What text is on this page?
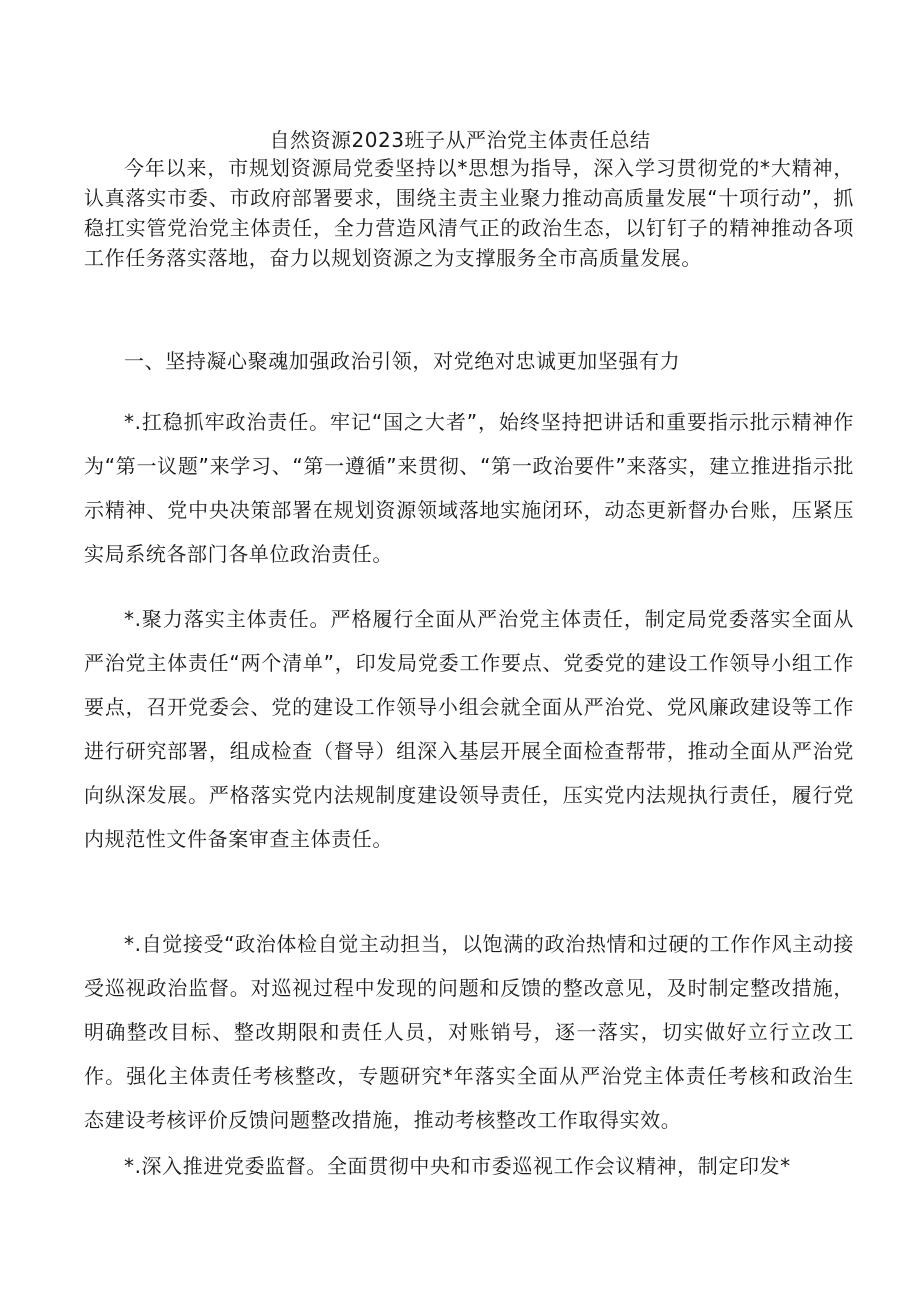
自然资源2023班子从严治党主体责任总结

今年以来，市规划资源局党委坚持以*思想为指导，深入学习贯彻党的*大精神，认真落实市委、市政府部署要求，围绕主责主业聚力推动高质量发展“十项行动”，抓稳扛实管党治党主体责任，全力营造风清气正的政治生态，以钉钉子的精神推动各项工作任务落实落地，奋力以规划资源之为支撑服务全市高质量发展。

一、坚持凝心聚魂加强政治引领，对党绝对忠诚更加坚强有力

*.扛稳抓牢政治责任。牢记“国之大者”，始终坚持把讲话和重要指示批示精神作为“第一议题”来学习、“第一遵循”来贯彻、“第一政治要件”来落实，建立推进指示批示精神、党中央决策部署在规划资源领域落地实施闭环，动态更新督办台账，压紧压实局系统各部门各单位政治责任。

*.聚力落实主体责任。严格履行全面从严治党主体责任，制定局党委落实全面从严治党主体责任“两个清单”，印发局党委工作要点、党委党的建设工作领导小组工作要点，召开党委会、党的建设工作领导小组会就全面从严治党、党风廉政建设等工作进行研究部署，组成检查（督导）组深入基层开展全面检查帮带，推动全面从严治党向纵深发展。严格落实党内法规制度建设领导责任，压实党内法规执行责任，履行党内规范性文件备案审查主体责任。

*.自觉接受“政治体检自觉主动担当，以饱满的政治热情和过硬的工作作风主动接受巡视政治监督。对巡视过程中发现的问题和反馈的整改意见，及时制定整改措施，明确整改目标、整改期限和责任人员，对账销号，逐一落实，切实做好立行立改工作。强化主体责任考核整改，专题研究*年落实全面从严治党主体责任考核和政治生态建设考核评价反馈问题整改措施，推动考核整改工作取得实效。

*.深入推进党委监督。全面贯彻中央和市委巡视工作会议精神，制定印发*
